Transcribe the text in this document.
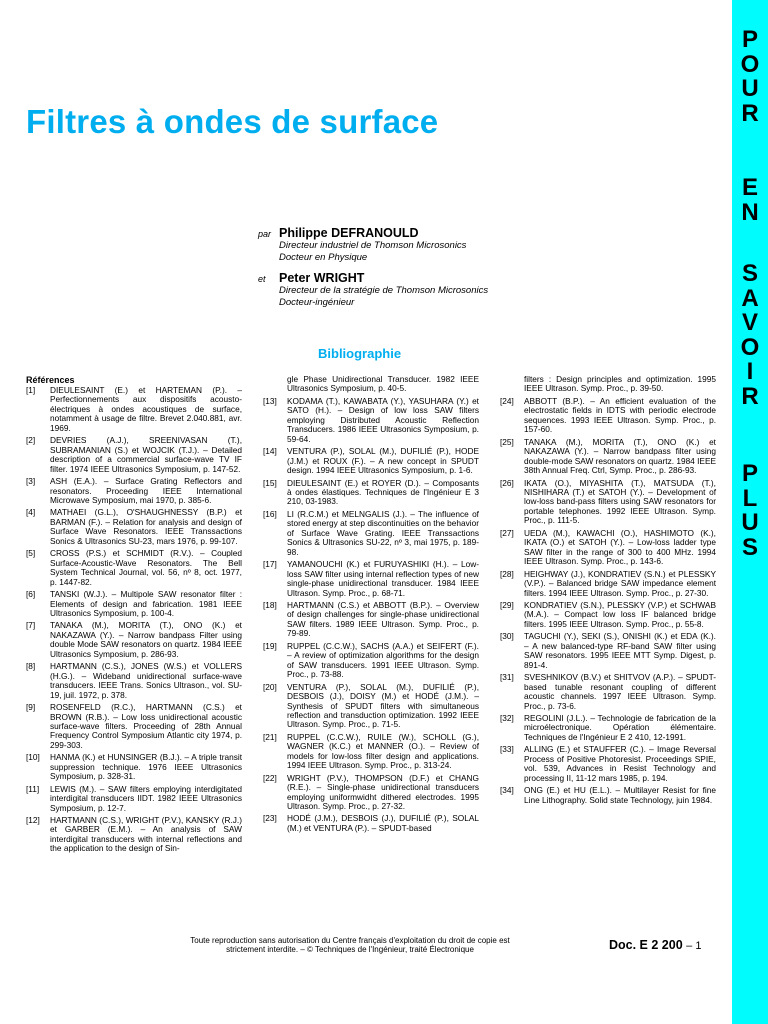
P
O
U
R
E
N
S
A
V
O
I
R
P
L
U
S
Filtres à ondes de surface
par Philippe DEFRANOULD
Directeur industriel de Thomson Microsonics
Docteur en Physique
et Peter WRIGHT
Directeur de la stratégie de Thomson Microsonics
Docteur-ingénieur
Bibliographie
Références
[1] DIEULESAINT (E.) et HARTEMAN (P.). – Perfectionnements aux dispositifs acousto-électriques à ondes acoustiques de surface, notamment à usage de filtre. Brevet 2.040.881, avr. 1969.
[2] DEVRIES (A.J.), SREENIVASAN (T.), SUBRAMANIAN (S.) et WOJCIK (T.J.). – Detailed description of a commercial surface-wave TV IF filter. 1974 IEEE Ultrasonics Symposium, p. 147-52.
[3] ASH (E.A.). – Surface Grating Reflectors and resonators. Proceeding IEEE International Microwave Symposium, mai 1970, p. 385-6.
[4] MATHAEI (G.L.), O'SHAUGHNESSY (B.P.) et BARMAN (F.). – Relation for analysis and design of Surface Wave Resonators. IEEE Transsactions Sonics & Ultrasonics SU-23, mars 1976, p. 99-107.
[5] CROSS (P.S.) et SCHMIDT (R.V.). – Coupled Surface-Acoustic-Wave Resonators. The Bell System Technical Journal, vol. 56, nº 8, oct. 1977, p. 1447-82.
[6] TANSKI (W.J.). – Multipole SAW resonator filter : Elements of design and fabrication. 1981 IEEE Ultrasonics Symposium, p. 100-4.
[7] TANAKA (M.), MORITA (T.), ONO (K.) et NAKAZAWA (Y.). – Narrow bandpass Filter using double Mode SAW resonators on quartz. 1984 IEEE Ultrasonics Symposium, p. 286-93.
[8] HARTMANN (C.S.), JONES (W.S.) et VOLLERS (H.G.). – Wideband unidirectional surface-wave transducers. IEEE Trans. Sonics Ultrason., vol. SU-19, juil. 1972, p. 378.
[9] ROSENFELD (R.C.), HARTMANN (C.S.) et BROWN (R.B.). – Low loss unidirectional acoustic surface-wave filters. Proceeding of 28th Annual Frequency Control Symposium Atlantic city 1974, p. 299-303.
[10] HANMA (K.) et HUNSINGER (B.J.). – A triple transit suppression technique. 1976 IEEE Ultrasonics Symposium, p. 328-31.
[11] LEWIS (M.). – SAW filters employing interdigitated interdigital transducers IIDT. 1982 IEEE Ultrasonics Symposium, p. 12-7.
[12] HARTMANN (C.S.), WRIGHT (P.V.), KANSKY (R.J.) et GARBER (E.M.). – An analysis of SAW interdigital transducers with internal reflections and the application to the design of Sin-
gle Phase Unidirectional Transducer. 1982 IEEE Ultrasonics Symposium, p. 40-5.
[13] KODAMA (T.), KAWABATA (Y.), YASUHARA (Y.) et SATO (H.). – Design of low loss SAW filters employing Distributed Acoustic Reflection Transducers. 1986 IEEE Ultrasonics Symposium, p. 59-64.
[14] VENTURA (P.), SOLAL (M.), DUFILIÉ (P.), HODE (J.M.) et ROUX (F.). – A new concept in SPUDT design. 1994 IEEE Ultrasonics Symposium, p. 1-6.
[15] DIEULESAINT (E.) et ROYER (D.). – Composants à ondes élastiques. Techniques de l'Ingénieur E 3 210, 03-1983.
[16] LI (R.C.M.) et MELNGALIS (J.). – The influence of stored energy at step discontinuities on the behavior of Surface Wave Grating. IEEE Transsactions Sonics & Ultrasonics SU-22, nº 3, mai 1975, p. 189-98.
[17] YAMANOUCHI (K.) et FURUYASHIKI (H.). – Low-loss SAW filter using internal reflection types of new single-phase unidirectional transducer. 1984 IEEE Ultrason. Symp. Proc., p. 68-71.
[18] HARTMANN (C.S.) et ABBOTT (B.P.). – Overview of design challenges for single-phase unidirectional SAW filters. 1989 IEEE Ultrason. Symp. Proc., p. 79-89.
[19] RUPPEL (C.C.W.), SACHS (A.A.) et SEIFERT (F.). – A review of optimization algorithms for the design of SAW transducers. 1991 IEEE Ultrason. Symp. Proc., p. 73-88.
[20] VENTURA (P.), SOLAL (M.), DUFILIÉ (P.), DESBOIS (J.), DOISY (M.) et HODÉ (J.M.). – Synthesis of SPUDT filters with simultaneous reflection and transduction optimization. 1992 IEEE Ultrason. Symp. Proc., p. 71-5.
[21] RUPPEL (C.C.W.), RUILE (W.), SCHOLL (G.), WAGNER (K.C.) et MANNER (O.). – Review of models for low-loss filter design and applications. 1994 IEEE Ultrason. Symp. Proc., p. 313-24.
[22] WRIGHT (P.V.), THOMPSON (D.F.) et CHANG (R.E.). – Single-phase unidirectional transducers employing uniformwidht dithered electrodes. 1995 Ultrason. Symp. Proc., p. 27-32.
[23] HODÉ (J.M.), DESBOIS (J.), DUFILIÉ (P.), SOLAL (M.) et VENTURA (P.). – SPUDT-based
filters : Design principles and optimization. 1995 IEEE Ultrason. Symp. Proc., p. 39-50.
[24] ABBOTT (B.P.). – An efficient evaluation of the electrostatic fields in IDTS with periodic electrode sequences. 1993 IEEE Ultrason. Symp. Proc., p. 157-60.
[25] TANAKA (M.), MORITA (T.), ONO (K.) et NAKAZAWA (Y.). – Narrow bandpass filter using double-mode SAW resonators on quartz. 1984 IEEE 38th Annual Freq. Ctrl, Symp. Proc., p. 286-93.
[26] IKATA (O.), MIYASHITA (T.), MATSUDA (T.), NISHIHARA (T.) et SATOH (Y.). – Development of low-loss band-pass filters using SAW resonators for portable telephones. 1992 IEEE Ultrason. Symp. Proc., p. 111-5.
[27] UEDA (M.), KAWACHI (O.), HASHIMOTO (K.), IKATA (O.) et SATOH (Y.). – Low-loss ladder type SAW filter in the range of 300 to 400 MHz. 1994 IEEE Ultrason. Symp. Proc., p. 143-6.
[28] HEIGHWAY (J.), KONDRATIEV (S.N.) et PLESSKY (V.P.). – Balanced bridge SAW impedance element filters. 1994 IEEE Ultrason. Symp. Proc., p. 27-30.
[29] KONDRATIEV (S.N.), PLESSKY (V.P.) et SCHWAB (M.A.). – Compact low loss IF balanced bridge filters. 1995 IEEE Ultrason. Symp. Proc., p. 55-8.
[30] TAGUCHI (Y.), SEKI (S.), ONISHI (K.) et EDA (K.). – A new balanced-type RF-band SAW filter using SAW resonators. 1995 IEEE MTT Symp. Digest, p. 891-4.
[31] SVESHNIKOV (B.V.) et SHITVOV (A.P.). – SPUDT-based tunable resonant coupling of different acoustic channels. 1997 IEEE Ultrason. Symp. Proc., p. 73-6.
[32] REGOLINI (J.L.). – Technologie de fabrication de la microélectronique. Opération élémentaire. Techniques de l'Ingénieur E 2 410, 12-1991.
[33] ALLING (E.) et STAUFFER (C.). – Image Reversal Process of Positive Photoresist. Proceedings SPIE, vol. 539, Advances in Resist Technology and processing II, 11-12 mars 1985, p. 194.
[34] ONG (E.) et HU (E.L.). – Multilayer Resist for fine Line Lithography. Solid state Technology, juin 1984.
Toute reproduction sans autorisation du Centre français d'exploitation du droit de copie est strictement interdite. – © Techniques de l'Ingénieur, traité Électronique	Doc. E 2 200 – 1
